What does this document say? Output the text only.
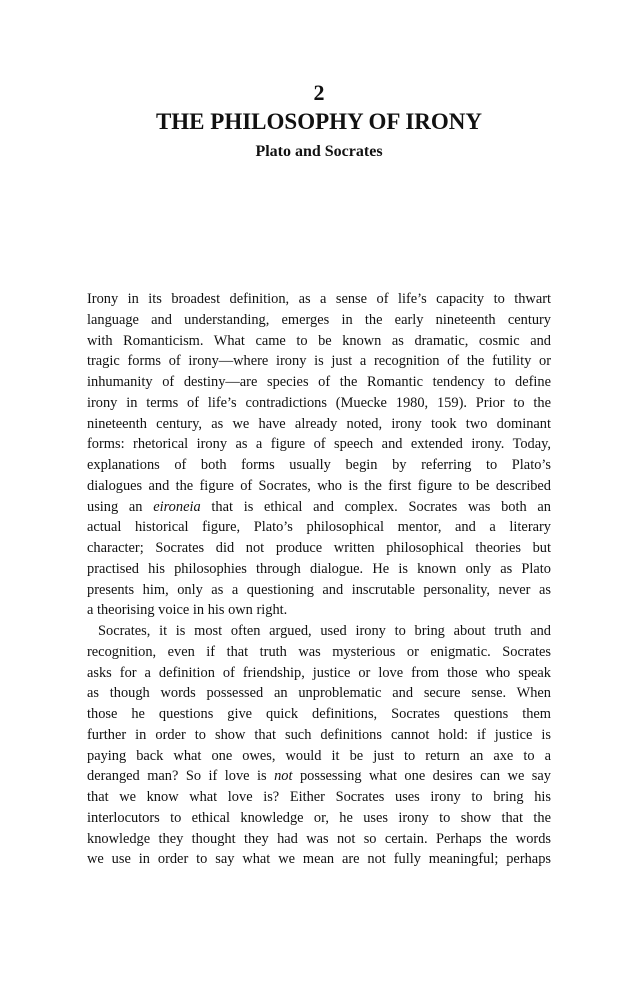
2
THE PHILOSOPHY OF IRONY
Plato and Socrates
Irony in its broadest definition, as a sense of life’s capacity to thwart
language and understanding, emerges in the early nineteenth century
with Romanticism. What came to be known as dramatic, cosmic and
tragic forms of irony—where irony is just a recognition of the futility or
inhumanity of destiny—are species of the Romantic tendency to define
irony in terms of life’s contradictions (Muecke 1980, 159). Prior to the
nineteenth century, as we have already noted, irony took two dominant
forms: rhetorical irony as a figure of speech and extended irony. Today,
explanations of both forms usually begin by referring to Plato’s
dialogues and the figure of Socrates, who is the first figure to be described
using an eironeia that is ethical and complex. Socrates was both an
actual historical figure, Plato’s philosophical mentor, and a literary
character; Socrates did not produce written philosophical theories but
practised his philosophies through dialogue. He is known only as Plato
presents him, only as a questioning and inscrutable personality, never as
a theorising voice in his own right.
Socrates, it is most often argued, used irony to bring about truth and
recognition, even if that truth was mysterious or enigmatic. Socrates
asks for a definition of friendship, justice or love from those who speak
as though words possessed an unproblematic and secure sense. When
those he questions give quick definitions, Socrates questions them
further in order to show that such definitions cannot hold: if justice is
paying back what one owes, would it be just to return an axe to a
deranged man? So if love is not possessing what one desires can we say
that we know what love is? Either Socrates uses irony to bring his
interlocutors to ethical knowledge or, he uses irony to show that the
knowledge they thought they had was not so certain. Perhaps the words
we use in order to say what we mean are not fully meaningful; perhaps
